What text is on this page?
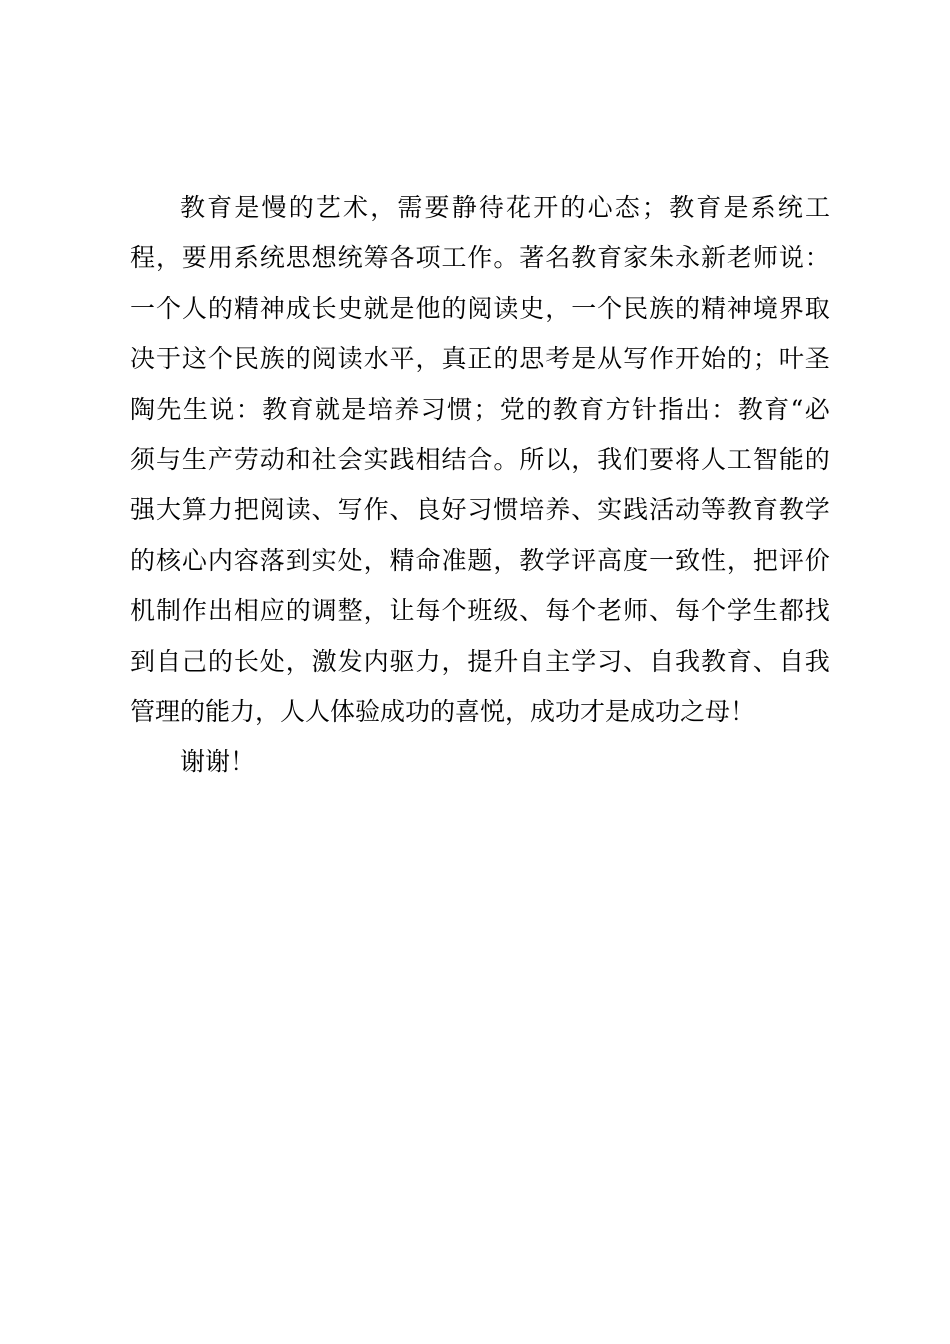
教 育 是 慢 的 艺 术 ， 需 要 静 待 花 开 的 心 态 ； 教 育 是 系 统 工
程 ， 要 用 系 统 思 想 统 筹 各 项 工 作 。 著 名 教 育 家 朱 永 新 老 师 说 ：
一 个 人 的 精 神 成 长 史 就 是 他 的 阅 读 史 ， 一 个 民 族 的 精 神 境 界 取
决 于 这 个 民 族 的 阅 读 水 平 ， 真 正 的 思 考 是 从 写 作 开 始 的 ； 叶 圣
陶 先 生 说 ： 教 育 就 是 培 养 习 惯 ； 党 的 教 育 方 针 指 出 ： 教 育 “ 必
须 与 生 产 劳 动 和 社 会 实 践 相 结 合 。 所 以 ， 我 们 要 将 人 工 智 能 的
强 大 算 力 把 阅 读 、 写 作 、 良 好 习 惯 培 养 、 实 践 活 动 等 教 育 教 学
的 核 心 内 容 落 到 实 处 ， 精 命 准 题 ， 教 学 评 高 度 一 致 性 ， 把 评 价
机 制 作 出 相 应 的 调 整 ， 让 每 个 班 级 、 每 个 老 师 、 每 个 学 生 都 找
到 自 己 的 长 处 ， 激 发 内 驱 力 ， 提 升 自 主 学 习 、 自 我 教 育 、 自 我
管理的能力，人人体验成功的喜悦，成功才是成功之母！
谢谢！
